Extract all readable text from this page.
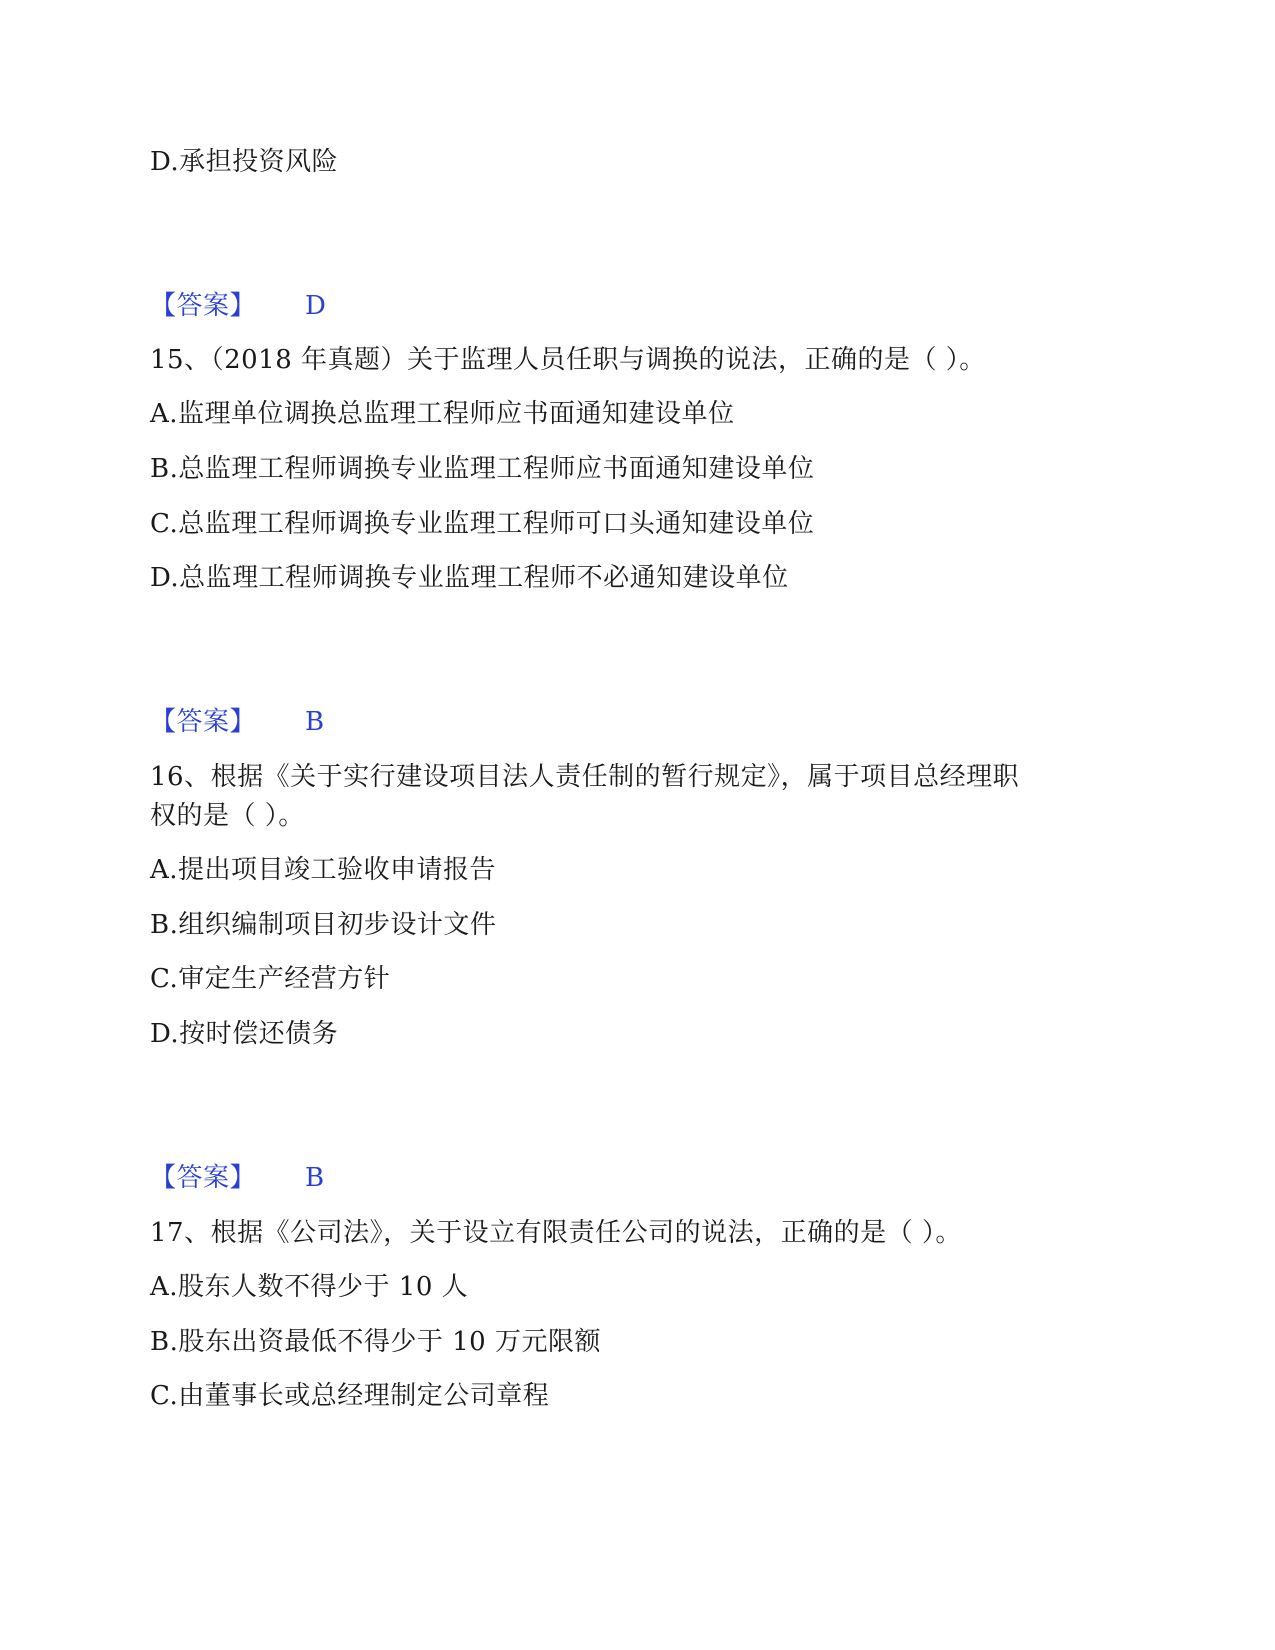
D.承担投资风险
【答案】 D
15、（2018 年真题）关于监理人员任职与调换的说法，正确的是（ ）。
A.监理单位调换总监理工程师应书面通知建设单位
B.总监理工程师调换专业监理工程师应书面通知建设单位
C.总监理工程师调换专业监理工程师可口头通知建设单位
D.总监理工程师调换专业监理工程师不必通知建设单位
【答案】 B
16、根据《关于实行建设项目法人责任制的暂行规定》，属于项目总经理职
权的是（ ）。
A.提出项目竣工验收申请报告
B.组织编制项目初步设计文件
C.审定生产经营方针
D.按时偿还债务
【答案】 B
17、根据《公司法》，关于设立有限责任公司的说法，正确的是（ ）。
A.股东人数不得少于 10 人
B.股东出资最低不得少于 10 万元限额
C.由董事长或总经理制定公司章程
